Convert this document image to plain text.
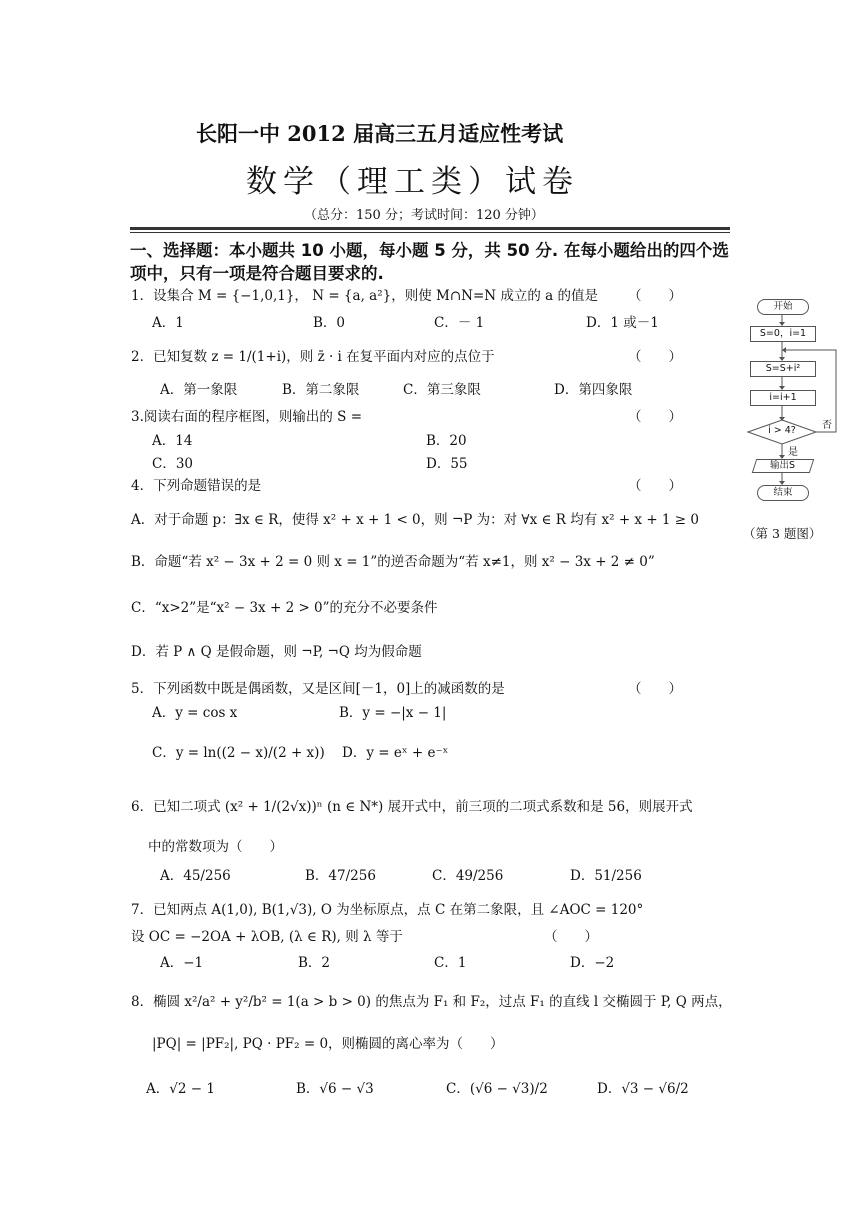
长阳一中 2012 届高三五月适应性考试
数学（理工类）试卷
（总分：150 分；考试时间：120 分钟）
一、选择题：本小题共 10 小题，每小题 5 分，共 50 分. 在每小题给出的四个选
项中，只有一项是符合题目要求的.
1．设集合 M = {−1,0,1}， N = {a, a²}，则使 M∩N=N 成立的 a 的值是 （　　）
A．1	B．0	C．－ 1	D．1 或－1
2．已知复数 z = 1/(1+i)，则 z̄ · i 在复平面内对应的点位于	（　　）
A．第一象限	B．第二象限	C．第三象限	D．第四象限
3.阅读右面的程序框图，则输出的 S =	（　　）
A．14	B．20
C．30	D．55
4．下列命题错误的是	（　　）
A．对于命题 p：∃x ∈ R，使得 x² + x + 1 < 0，则 ¬P 为：对 ∀x ∈ R 均有 x² + x + 1 ≥ 0
B．命题“若 x² − 3x + 2 = 0 则 x = 1”的逆否命题为“若 x≠1，则 x² − 3x + 2 ≠ 0”
C．“x>2”是“x² − 3x + 2 > 0”的充分不必要条件
D．若 P ∧ Q 是假命题，则 ¬P, ¬Q 均为假命题
5．下列函数中既是偶函数，又是区间[－1，0]上的减函数的是	（　　）
A．y = cos x	B．y = −|x − 1|
C．y = ln((2 − x)/(2 + x)) D．y = eˣ + e⁻ˣ
6．已知二项式 (x² + 1/(2√x))ⁿ (n ∈ N*) 展开式中，前三项的二项式系数和是 56，则展开式
中的常数项为（　　）
A．45/256	B．47/256	C．49/256	D．51/256
7．已知两点 A(1,0), B(1,√3), O 为坐标原点，点 C 在第二象限，且 ∠AOC = 120°
设 OC = −2OA + λOB, (λ ∈ R), 则 λ 等于	（　　）
A．−1	B．2	C．1	D．−2
8．椭圆 x²/a² + y²/b² = 1(a > b > 0) 的焦点为 F₁ 和 F₂，过点 F₁ 的直线 l 交椭圆于 P, Q 两点，
|PQ| = |PF₂|, PQ · PF₂ = 0，则椭圆的离心率为（　　）
A．√2 − 1	B．√6 − √3	C．(√6 − √3)/2	D．√3 − √6/2
开始
S=0，i=1
S=S+i²
i=i+1
i > 4?	否
是
输出S
结束
（第 3 题图）
